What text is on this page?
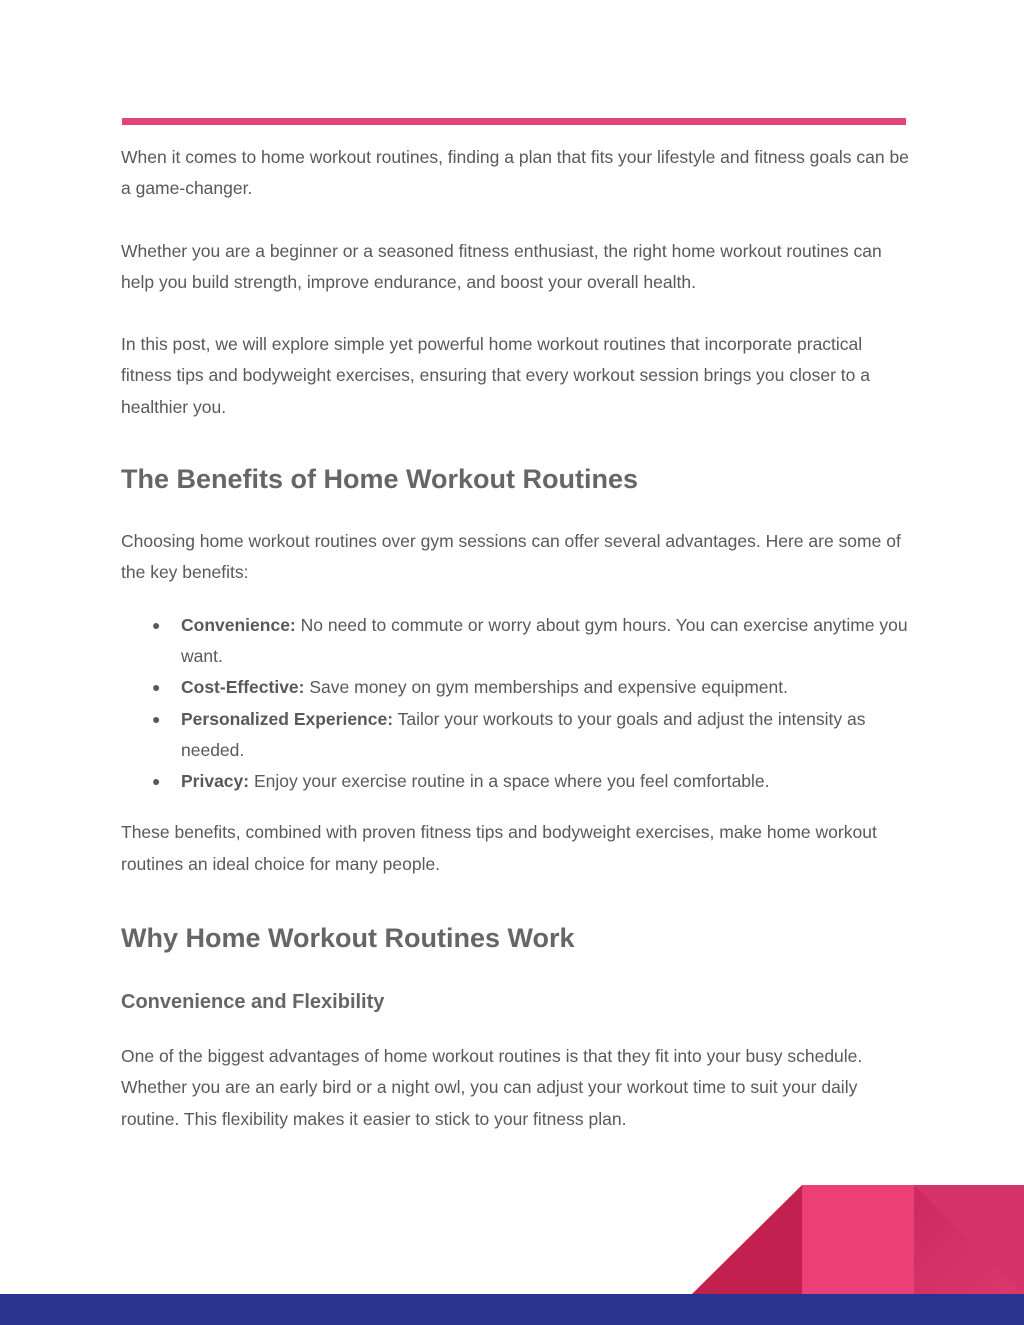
When it comes to home workout routines, finding a plan that fits your lifestyle and fitness goals can be a game-changer.

Whether you are a beginner or a seasoned fitness enthusiast, the right home workout routines can help you build strength, improve endurance, and boost your overall health.

In this post, we will explore simple yet powerful home workout routines that incorporate practical fitness tips and bodyweight exercises, ensuring that every workout session brings you closer to a healthier you.

The Benefits of Home Workout Routines

Choosing home workout routines over gym sessions can offer several advantages. Here are some of the key benefits:

● Convenience: No need to commute or worry about gym hours. You can exercise anytime you want.
● Cost-Effective: Save money on gym memberships and expensive equipment.
● Personalized Experience: Tailor your workouts to your goals and adjust the intensity as needed.
● Privacy: Enjoy your exercise routine in a space where you feel comfortable.

These benefits, combined with proven fitness tips and bodyweight exercises, make home workout routines an ideal choice for many people.

Why Home Workout Routines Work
Convenience and Flexibility

One of the biggest advantages of home workout routines is that they fit into your busy schedule. Whether you are an early bird or a night owl, you can adjust your workout time to suit your daily routine. This flexibility makes it easier to stick to your fitness plan.
